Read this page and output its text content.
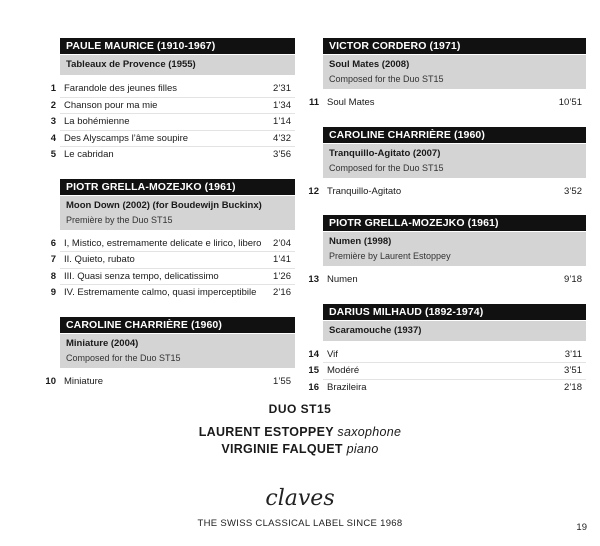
PAULE MAURICE (1910-1967)
Tableaux de Provence (1955)
1 Farandole des jeunes filles	2’31
2 Chanson pour ma mie	1’34
3 La bohémienne	1’14
4 Des Alyscamps l’âme soupire	4’32
5 Le cabridan	3’56
PIOTR GRELLA-MOZEJKO (1961)
Moon Down (2002) (for Boudewijn Buckinx)
Première by the Duo ST15
6 I, Mistico, estremamente delicate e lirico, libero 2’04
7 II. Quieto, rubato	1’41
8 III. Quasi senza tempo, delicatissimo	1’26
9 IV. Estremamente calmo, quasi imperceptibile 2’16
CAROLINE CHARRIÈRE (1960)
Miniature (2004)
Composed for the Duo ST15
10 Miniature	1’55
VICTOR CORDERO (1971)
Soul Mates (2008)
Composed for the Duo ST15
11 Soul Mates	10’51
CAROLINE CHARRIÈRE (1960)
Tranquillo-Agitato (2007)
Composed for the Duo ST15
12 Tranquillo-Agitato	3’52
PIOTR GRELLA-MOZEJKO (1961)
Numen (1998)
Première by Laurent Estoppey
13 Numen	9’18
DARIUS MILHAUD (1892-1974)
Scaramouche (1937)
14 Vif	3’11
15 Modéré	3’51
16 Brazileira	2’18
DUO ST15
LAURENT ESTOPPEY saxophone
VIRGINIE FALQUET piano
claves
THE SWISS CLASSICAL LABEL SINCE 1968	19
